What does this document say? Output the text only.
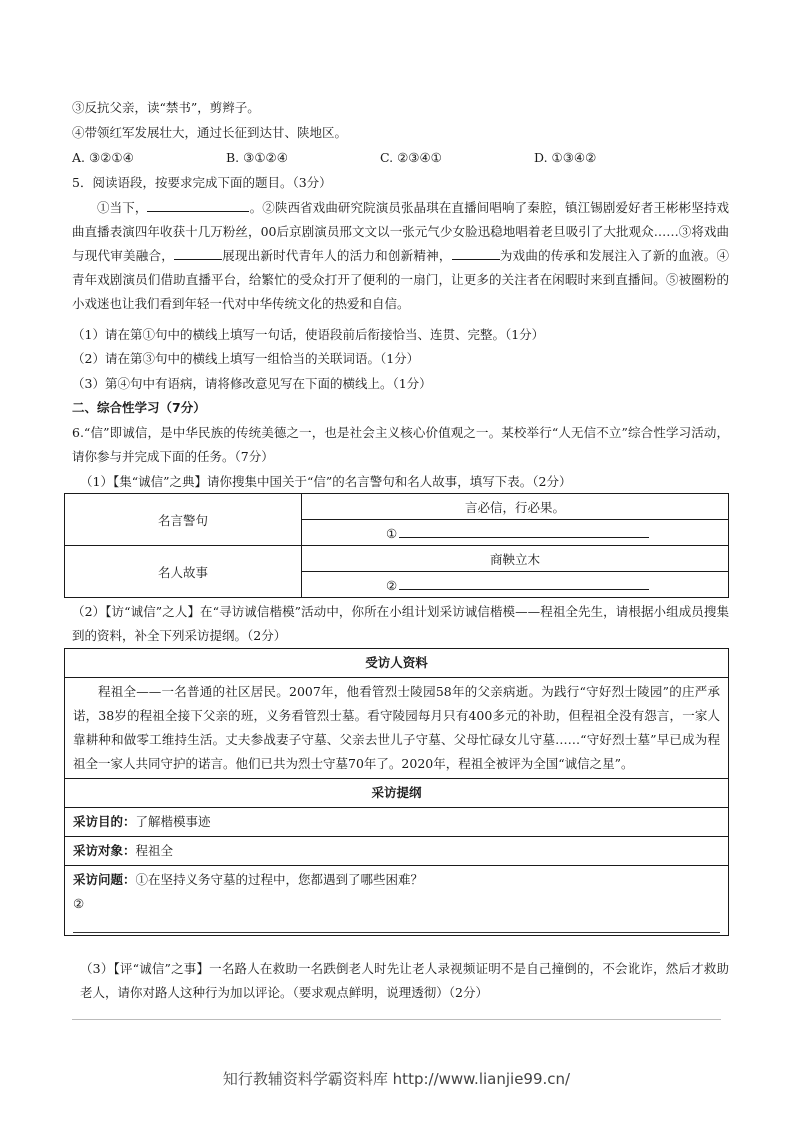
③反抗父亲，读“禁书”，剪辫子。
④带领红军发展壮大，通过长征到达甘、陕地区。
A. ③②①④	B. ③①②④	C. ②③④①	D. ①③④②
5．阅读语段，按要求完成下面的题目。（3分）
①当下，	。②陕西省戏曲研究院演员张晶琪在直播间唱响了秦腔，镇江锡剧爱好者王彬彬坚持戏曲直播表演四年收获十几万粉丝，00后京剧演员邢文文以一张元气少女脸迅稳地唱着老旦吸引了大批观众……③将戏曲与现代审美融合，	展现出新时代青年人的活力和创新精神，	为戏曲的传承和发展注入了新的血液。④青年戏剧演员们借助直播平台，给繁忙的受众打开了便利的一扇门，让更多的关注者在闲暇时来到直播间。⑤被圈粉的小戏迷也让我们看到年轻一代对中华传统文化的热爱和自信。
（1）请在第①句中的横线上填写一句话，使语段前后衔接恰当、连贯、完整。（1分）
（2）请在第③句中的横线上填写一组恰当的关联词语。（1分）
（3）第④句中有语病，请将修改意见写在下面的横线上。（1分）
二、综合性学习（7分）
6.“信”即诚信，是中华民族的传统美德之一，也是社会主义核心价值观之一。某校举行“人无信不立”综合性学习活动，请你参与并完成下面的任务。（7分）
（1）【集“诚信”之典】请你搜集中国关于“信”的名言警句和名人故事，填写下表。（2分）
名言警句	言必信，行必果。
	①
名人故事	商鞅立木
	②
（2）【访“诚信”之人】在“寻访诚信楷模”活动中，你所在小组计划采访诚信楷模——程祖全先生，请根据小组成员搜集到的资料，补全下列采访提纲。（2分）
受访人资料
程祖全——一名普通的社区居民。2007年，他看管烈士陵园58年的父亲病逝。为践行“守好烈士陵园”的庄严承诺，38岁的程祖全接下父亲的班，义务看管烈士墓。看守陵园每月只有400多元的补助，但程祖全没有怨言，一家人靠耕种和做零工维持生活。丈夫参战妻子守墓、父亲去世儿子守墓、父母忙碌女儿守墓……“守好烈士墓”早已成为程祖全一家人共同守护的诺言。他们已共为烈士守墓70年了。2020年，程祖全被评为全国“诚信之星”。
采访提纲
采访目的：了解楷模事迹
采访对象：程祖全

采访问题：①在坚持义务守墓的过程中，您都遇到了哪些困难？
②
（3）【评“诚信”之事】一名路人在救助一名跌倒老人时先让老人录视频证明不是自己撞倒的，不会讹诈，然后才救助老人，请你对路人这种行为加以评论。（要求观点鲜明，说理透彻）（2分）
知行教辅资料学霸资料库 http://www.lianjie99.cn/
